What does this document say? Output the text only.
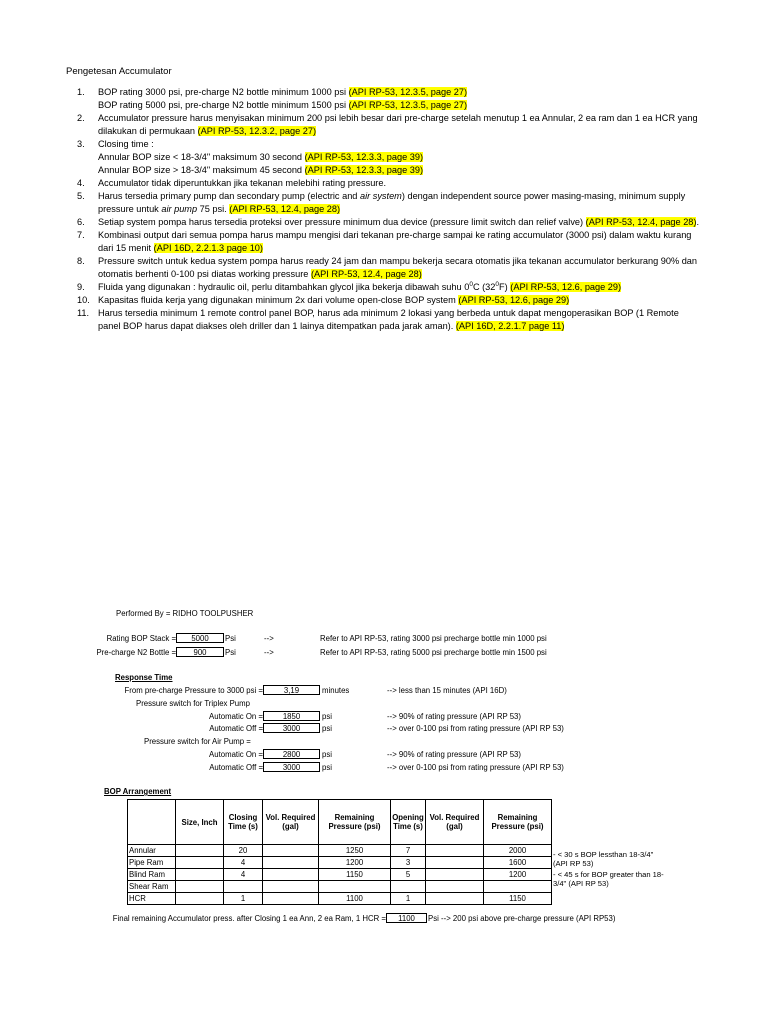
Pengetesan Accumulator
1.	BOP rating 3000 psi, pre-charge N2 bottle minimum 1000 psi (API RP-53, 12.3.5, page 27)
BOP rating 5000 psi, pre-charge N2 bottle minimum 1500 psi (API RP-53, 12.3.5, page 27)
2.	Accumulator pressure harus menyisakan minimum 200 psi lebih besar dari pre-charge setelah menutup 1 ea Annular, 2 ea ram dan 1 ea HCR yang
dilakukan di permukaan (API RP-53, 12.3.2, page 27)
3.	Closing time :
Annular BOP size < 18-3/4" maksimum 30 second (API RP-53, 12.3.3, page 39)
Annular BOP size > 18-3/4" maksimum 45 second (API RP-53, 12.3.3, page 39)
4.	Accumulator tidak diperuntukkan jika tekanan melebihi rating pressure.
5.	Harus tersedia primary pump dan secondary pump (electric and air system) dengan independent source power masing-masing, minimum supply
pressure untuk air pump 75 psi. (API RP-53, 12.4, page 28)
6.	Setiap system pompa harus tersedia proteksi over pressure minimum dua device (pressure limit switch dan relief valve) (API RP-53, 12.4, page 28).
7.	Kombinasi output dari semua pompa harus mampu mengisi dari tekanan pre-charge sampai ke rating accumulator (3000 psi) dalam waktu kurang
dari 15 menit (API 16D, 2.2.1.3 page 10)
8.	Pressure switch untuk kedua system pompa harus ready 24 jam dan mampu bekerja secara otomatis jika tekanan accumulator berkurang 90% dan
otomatis berhenti 0-100 psi diatas working pressure (API RP-53, 12.4, page 28)
9.	Fluida yang digunakan : hydraulic oil, perlu ditambahkan glycol jika bekerja dibawah suhu $0^0C$ $(32^0F)$ (API RP-53, 12.6, page 29)
10. Kapasitas fluida kerja yang digunakan minimum 2x dari volume open-close BOP system (API RP-53, 12.6, page 29)
11. Harus tersedia minimum 1 remote control panel BOP, harus ada minimum 2 lokasi yang berbeda untuk dapat mengoperasikan BOP (1 Remote
panel BOP harus dapat diakses oleh driller dan 1 lainya ditempatkan pada jarak aman). (API 16D, 2.2.1.7 page 11)
Performed By = RIDHO TOOLPUSHER
Rating BOP Stack =	5000	Psi	-->	Refer to API RP-53, rating 3000 psi precharge bottle min 1000 psi
Pre-charge N2 Bottle =	900	Psi	-->	Refer to API RP-53, rating 5000 psi precharge bottle min 1500 psi
Response Time
From pre-charge Pressure to 3000 psi =	3,19	minutes	--> less than 15 minutes (API 16D)
Pressure switch for Triplex Pump
Automatic On =	1850	psi	--> 90% of rating pressure (API RP 53)
Automatic Off =	3000	psi	--> over 0-100 psi from rating pressure (API RP 53)
Pressure switch for Air Pump =
Automatic On =	2800	psi	--> 90% of rating pressure (API RP 53)
Automatic Off =	3000	psi	--> over 0-100 psi from rating pressure (API RP 53)
BOP Arrangement
	Size, Inch	Closing Time (s)	Vol. Required (gal)	Remaining Pressure (psi)	Opening Time (s)	Vol. Required (gal)	Remaining Pressure (psi)
Annular		20		1250	7		2000
Pipe Ram		4		1200	3		1600
Blind Ram		4		1150	5		1200
Shear Ram							
HCR		1		1100	1		1150
- < 30 s BOP lessthan 18-3/4" (API RP 53)
- < 45 s for BOP greater than 18-3/4" (API RP 53)
Final remaining Accumulator press. after Closing 1 ea Ann, 2 ea Ram, 1 HCR =	1100	Psi --> 200 psi above pre-charge pressure (API RP53)
